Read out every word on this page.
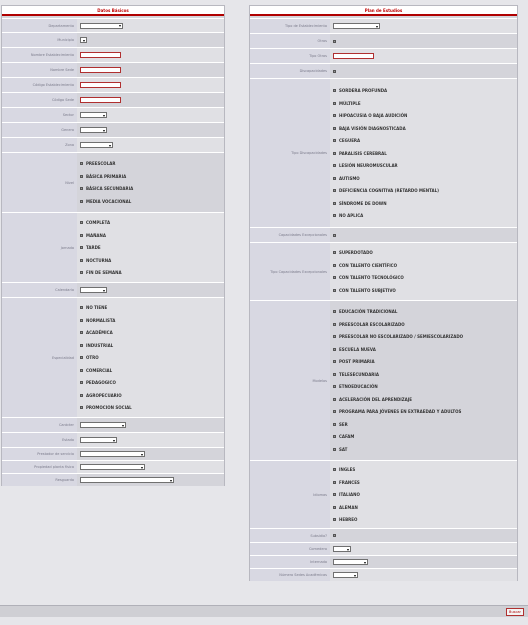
Datos Básicos
Departamento
Municipio
Nombre Establecimiento
Nombre Sede
Código Establecimiento
Código Sede
Sector
Genero
Zona
Nivel
PREESCOLAR
BÁSICA PRIMARIA
BÁSICA SECUNDARIA
MEDIA VOCACIONAL
Jornada
COMPLETA
MAÑANA
TARDE
NOCTURNA
FIN DE SEMANA
Calendario
Especialidad
NO TIENE
NORMALISTA
ACADÉMICA
INDUSTRIAL
OTRO
COMERCIAL
PEDAGOGICO
AGROPECUARIO
PROMOCION SOCIAL
Carácter
Estado
Prestador de servicio
Propiedad planta física
Resguardo
Plan de Estudios
Tipo de Establecimiento
Otros
Tipo Otros
Discapacidades
Tipo Discapacidades
SORDERA PROFUNDA
MÚLTIPLE
HIPOACUSIA O BAJA AUDICIÓN
BAJA VISIÓN DIAGNOSTICADA
CEGUERA
PARALISIS CEREBRAL
LESIÓN NEUROMUSCULAR
AUTISMO
DEFICIENCIA COGNITIVA (RETARDO MENTAL)
SÍNDROME DE DOWN
NO APLICA
Capacidades Excepcionales
Tipo Capacidades Excepcionales
SUPERDOTADO
CON TALENTO CIENTÍFICO
CON TALENTO TECNOLÓGICO
CON TALENTO SUBJETIVO
Modelos
EDUCACIÓN TRADICIONAL
PREESCOLAR ESCOLARIZADO
PREESCOLAR NO ESCOLARIZADO / SEMIESCOLARIZADO
ESCUELA NUEVA
POST PRIMARIA
TELESECUNDARIA
ETNOEDUCACIÓN
ACELERACIÓN DEL APRENDIZAJE
PROGRAMA PARA JÓVENES EN EXTRAEDAD Y ADULTOS
SER
CAFAM
SAT
Idiomas
INGLES
FRANCES
ITALIANO
ALEMAN
HEBREO
Subsidio?
Comedero
Internado
Número Sedes Académicas
Buscar
